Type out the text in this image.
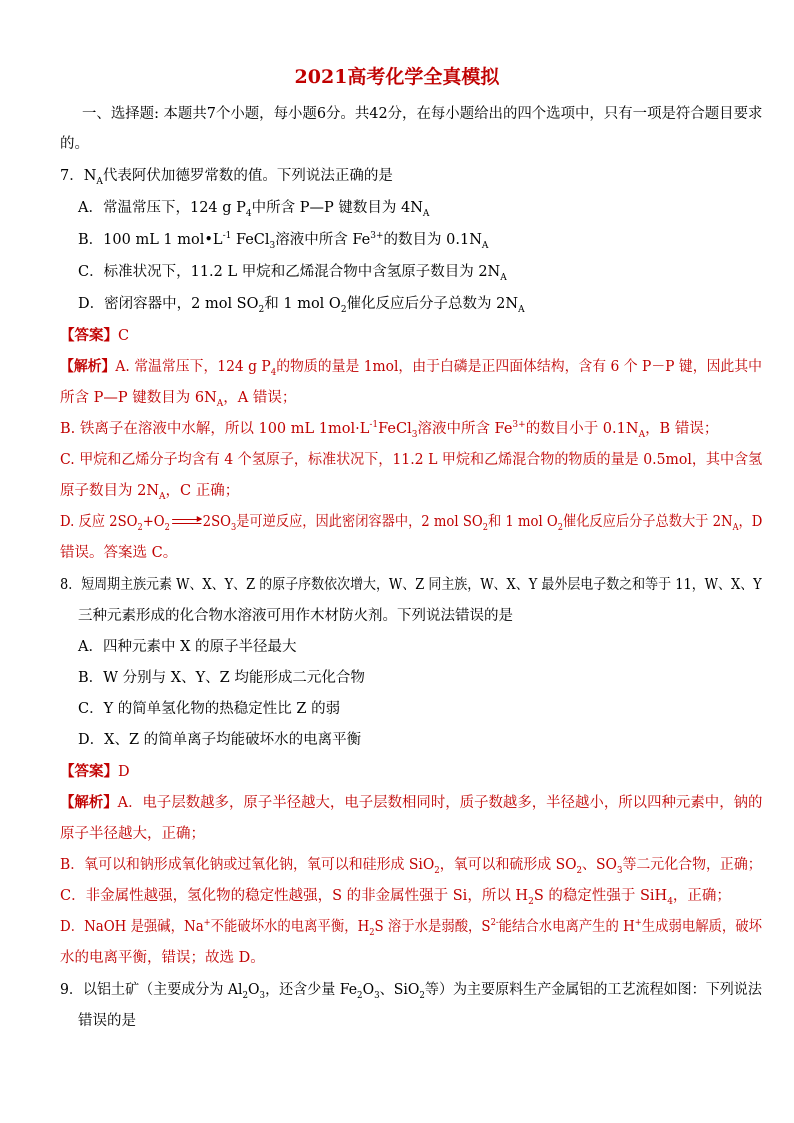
2021高考化学全真模拟
一、选择题: 本题共7个小题，每小题6分。共42分，在每小题给出的四个选项中，只有一项是符合题目要求
的。
7．$N_A$代表阿伏加德罗常数的值。下列说法正确的是
A．常温常压下，124 g $P_4$中所含 P—P 键数目为 $4N_A$
B．100 mL 1 $mol•L^{-1}$ FeCl$_3$溶液中所含 $Fe^{3+}$的数目为 $0.1N_A$
C．标准状况下，11.2 L 甲烷和乙烯混合物中含氢原子数目为 $2N_A$
D．密闭容器中，2 mol $SO_2$和 1 mol $O_2$催化反应后分子总数为 $2N_A$
【答案】C
【解析】A. 常温常压下，124 g $P_4$的物质的量是 1mol，由于白磷是正四面体结构，含有 6 个 P－P 键，因此其中
所含 P—P 键数目为 $6N_A$，A 错误；
B. 铁离子在溶液中水解，所以 100 mL $1mol\cdot L^{-1}FeCl_3$溶液中所含 $Fe^{3+}$的数目小于 $0.1N_A$，B 错误；
C. 甲烷和乙烯分子均含有 4 个氢原子，标准状况下，11.2 L 甲烷和乙烯混合物的物质的量是 0.5mol，其中含氢
原子数目为 $2N_A$，C 正确；
D. 反应 $2SO_2+O_2$ $2SO_3$是可逆反应，因此密闭容器中，2 mol $SO_2$和 1 mol $O_2$催化反应后分子总数大于 $2N_A$，D
错误。答案选 C。
8．短周期主族元素 W、X、Y、Z 的原子序数依次增大，W、Z 同主族，W、X、Y 最外层电子数之和等于 11，W、X、Y
三种元素形成的化合物水溶液可用作木材防火剂。下列说法错误的是
A．四种元素中 X 的原子半径最大
B．W 分别与 X、Y、Z 均能形成二元化合物
C．Y 的简单氢化物的热稳定性比 Z 的弱
D．X、Z 的简单离子均能破坏水的电离平衡
【答案】D
【解析】A．电子层数越多，原子半径越大，电子层数相同时，质子数越多，半径越小，所以四种元素中，钠的
原子半径越大，正确；
B．氧可以和钠形成氧化钠或过氧化钠，氧可以和硅形成 SiO$_2$，氧可以和硫形成 $SO_2$、$SO_3$等二元化合物，正确；
C．非金属性越强，氢化物的稳定性越强，S 的非金属性强于 Si，所以 $H_2S$ 的稳定性强于 SiH$_4$，正确；
D．NaOH 是强碱，Na+不能破坏水的电离平衡，$H_2S$ 溶于水是弱酸，$S^{2-}$能结合水电离产生的 H+生成弱电解质，破坏
水的电离平衡，错误；故选 D。
9．以铝土矿（主要成分为 $Al_2O_3$，还含少量 $Fe_2O_3$、SiO$_2$等）为主要原料生产金属铝的工艺流程如图：下列说法
错误的是
